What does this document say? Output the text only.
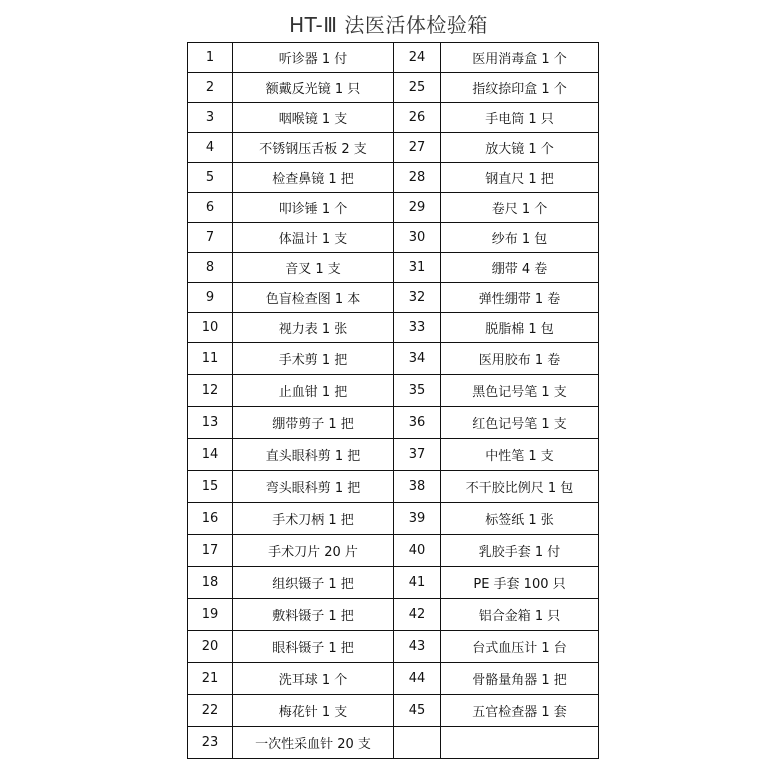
HT-Ⅲ 法医活体检验箱
1	听诊器 1 付	24	医用消毒盒 1 个
2	额戴反光镜 1 只	25	指纹捺印盒 1 个
3	咽喉镜 1 支	26	手电筒 1 只
4	不锈钢压舌板 2 支	27	放大镜 1 个
5	检查鼻镜 1 把	28	钢直尺 1 把
6	叩诊锤 1 个	29	卷尺 1 个
7	体温计 1 支	30	纱布 1 包
8	音叉 1 支	31	绷带 4 卷
9	色盲检查图 1 本	32	弹性绷带 1 卷
10	视力表 1 张	33	脱脂棉 1 包
11	手术剪 1 把	34	医用胶布 1 卷
12	止血钳 1 把	35	黑色记号笔 1 支
13	绷带剪子 1 把	36	红色记号笔 1 支
14	直头眼科剪 1 把	37	中性笔 1 支
15	弯头眼科剪 1 把	38	不干胶比例尺 1 包
16	手术刀柄 1 把	39	标签纸 1 张
17	手术刀片 20 片	40	乳胶手套 1 付
18	组织镊子 1 把	41	PE 手套 100 只
19	敷料镊子 1 把	42	铝合金箱 1 只
20	眼科镊子 1 把	43	台式血压计 1 台
21	洗耳球 1 个	44	骨骼量角器 1 把
22	梅花针 1 支	45	五官检查器 1 套
23	一次性采血针 20 支		
